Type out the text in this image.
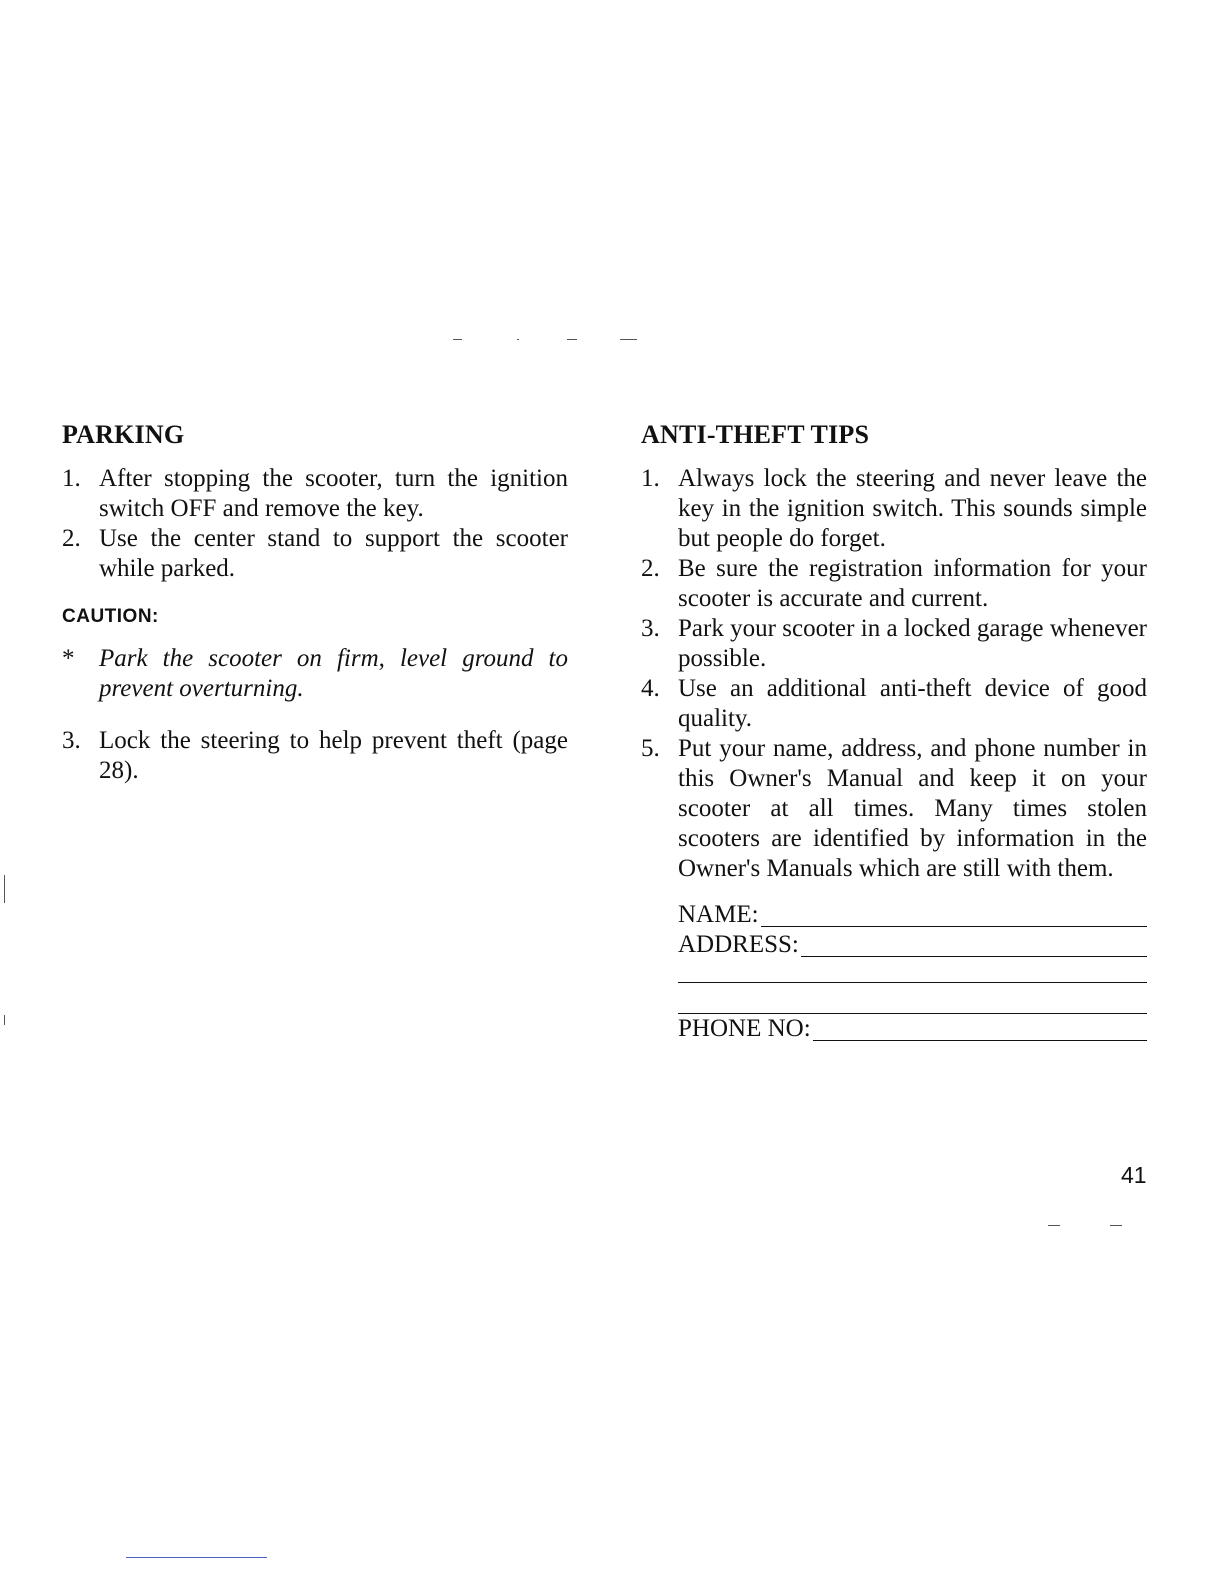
PARKING
1. After stopping the scooter, turn the ignition switch OFF and remove the key.
2. Use the center stand to support the scooter while parked.
CAUTION:
* Park the scooter on firm, level ground to prevent overturning.
3. Lock the steering to help prevent theft (page 28).
ANTI-THEFT TIPS
1. Always lock the steering and never leave the key in the ignition switch. This sounds simple but people do forget.
2. Be sure the registration information for your scooter is accurate and current.
3. Park your scooter in a locked garage whenever possible.
4. Use an additional anti-theft device of good quality.
5. Put your name, address, and phone number in this Owner's Manual and keep it on your scooter at all times. Many times stolen scooters are identified by information in the Owner's Manuals which are still with them.
NAME:
ADDRESS:
PHONE NO:
41
